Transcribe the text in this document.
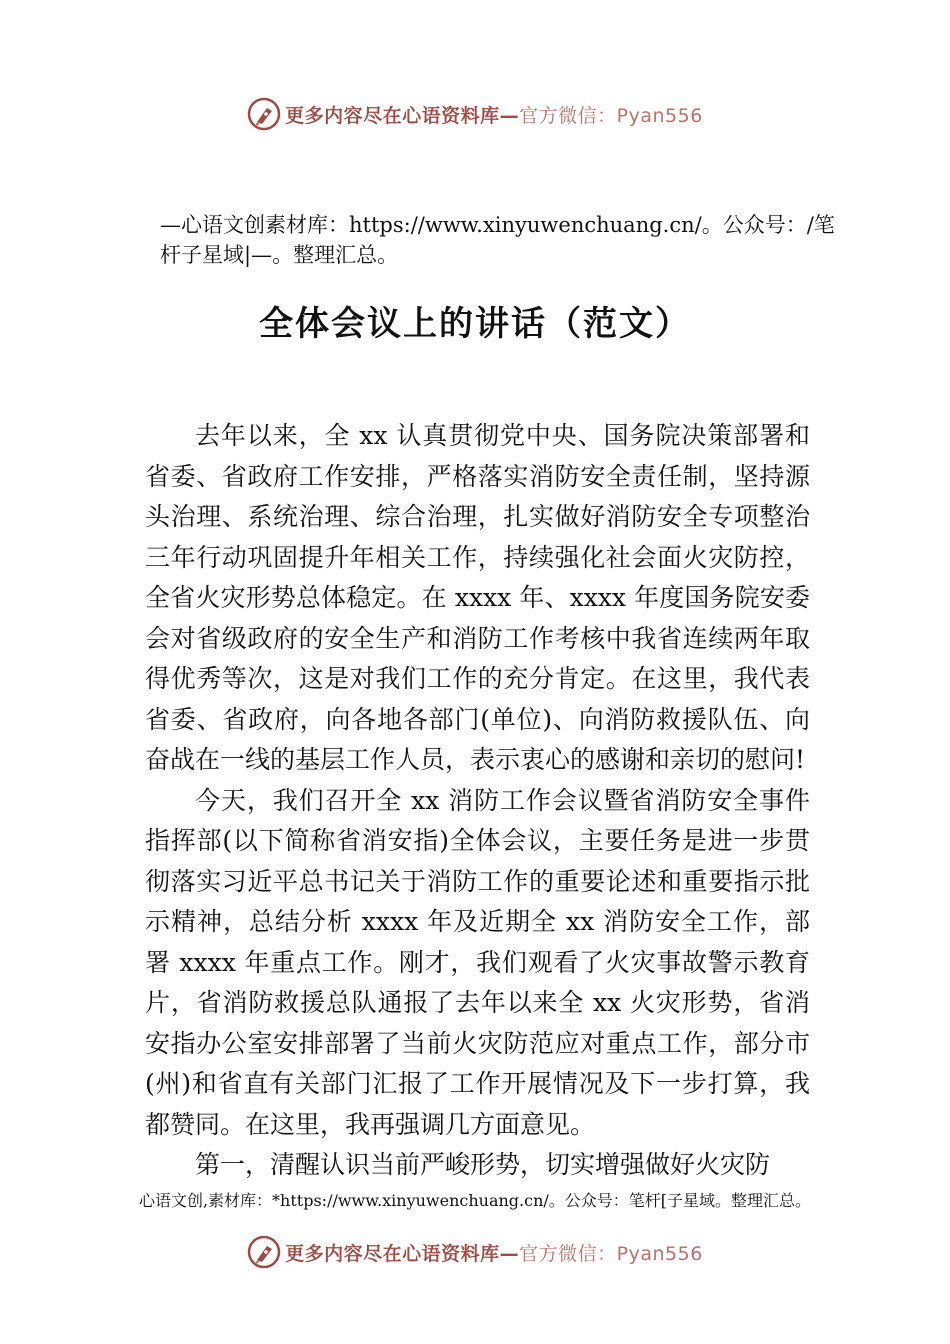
更多内容尽在心语资料库—官方微信：Pyan556
—心语文创素材库：https://www.xinyuwenchuang.cn/。公众号：/笔杆子星域|—。整理汇总。
全体会议上的讲话（范文）

去年以来，全 xx 认真贯彻党中央、国务院决策部署和省委、省政府工作安排，严格落实消防安全责任制，坚持源头治理、系统治理、综合治理，扎实做好消防安全专项整治三年行动巩固提升年相关工作，持续强化社会面火灾防控，全省火灾形势总体稳定。在 xxxx 年、xxxx 年度国务院安委会对省级政府的安全生产和消防工作考核中我省连续两年取得优秀等次，这是对我们工作的充分肯定。在这里，我代表省委、省政府，向各地各部门(单位)、向消防救援队伍、向奋战在一线的基层工作人员，表示衷心的感谢和亲切的慰问!

今天，我们召开全 xx 消防工作会议暨省消防安全事件指挥部(以下简称省消安指)全体会议，主要任务是进一步贯彻落实习近平总书记关于消防工作的重要论述和重要指示批示精神，总结分析 xxxx 年及近期全 xx 消防安全工作，部署 xxxx 年重点工作。刚才，我们观看了火灾事故警示教育片，省消防救援总队通报了去年以来全 xx 火灾形势，省消安指办公室安排部署了当前火灾防范应对重点工作，部分市(州)和省直有关部门汇报了工作开展情况及下一步打算，我都赞同。在这里，我再强调几方面意见。

第一，清醒认识当前严峻形势，切实增强做好火灾防

心语文创,素材库：*https://www.xinyuwenchuang.cn/。公众号：笔杆[子星域。整理汇总。
更多内容尽在心语资料库—官方微信：Pyan556
